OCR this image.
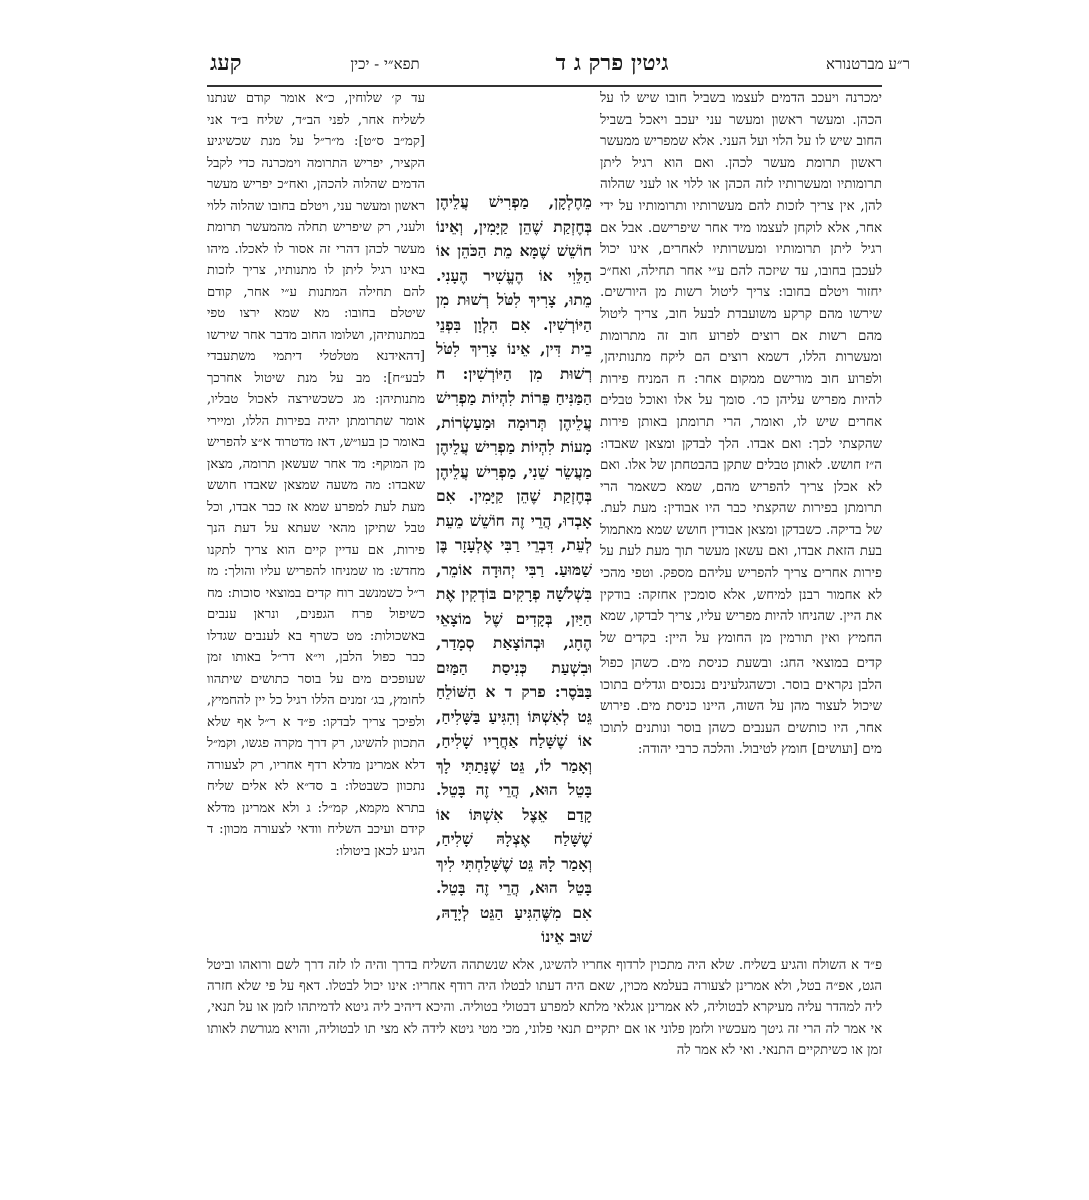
קעג	תפא״י - יכין	גיטין פרק ג ד	ר״ע מברטנורא

ימכרנה ויעכב הדמים לעצמו בשביל חובו שיש לו על הכהן. ומעשר ראשון ומעשר עני יעכב ויאכל בשביל החוב שיש לו על הלוי ועל העני. אלא שמפריש ממעשר ראשון תרומת מעשר לכהן. ואם הוא רגיל ליתן תרומותיו ומעשרותיו לזה הכהן או ללוי או לעני שהלוה להן, אין צריך לזכות להם מעשרותיו ותרומותיו על ידי אחר, אלא לוקחן לעצמו מיד אחר שיפרישם. אבל אם רגיל ליתן תרומותיו ומעשרותיו לאחרים, אינו יכול לעכבן בחובו, עד שיזכה להם ע״י אחר תחילה, ואח״כ יחזור ויטלם בחובו: צריך ליטול רשות מן היורשים. שירשו מהם קרקע משועבדת לבעל חוב, צריך ליטול מהם רשות אם רוצים לפרוע חוב זה מתרומות ומעשרות הללו, דשמא רוצים הם ליקח מתנותיהן, ולפרוע חוב מורישם ממקום אחר: ח המניח פירות להיות מפריש עליהן כו׳. סומך על אלו ואוכל טבלים אחרים שיש לו, ואומר, הרי תרומתן באותן פירות שהקצתי לכך: ואם אבדו. הלך לבדקן ומצאן שאבדו: ה״ז חושש. לאותן טבלים שתקן בהבטחתן של אלו. ואם לא אכלן צריך להפריש מהם, שמא כשאמר הרי תרומתן בפירות שהקצתי כבר היו אבודין: מעת לעת. של בדיקה. כשבדקן ומצאן אבודין חושש שמא מאתמול בעת הזאת אבדו, ואם עשאן מעשר תוך מעת לעת על פירות אחרים צריך להפריש עליהם מספק. וטפי מהכי לא אחמור רבנן למיחש, אלא סומכין אחזקה: בודקין את היין. שהניחו להיות מפריש עליו, צריך לבדקו, שמא החמיץ ואין תורמין מן החומץ על היין: בקדים של

מֵחֶלְקָן, מַפְרִישׁ עֲלֵיהֶן בְּחֶזְקַת שֶׁהֵן קַיָּמִין, וְאֵינוֹ חוֹשֵׁשׁ שֶׁמָּא מֵת הַכֹּהֵן אוֹ הַלֵּוִי אוֹ הֶעֱשִׁיר הֶעָנִי. מֵתוּ, צָרִיךְ לִטֹּל רְשׁוּת מִן הַיּוֹרְשִׁין. אִם הִלְוָן בִּפְנֵי בֵית דִּין, אֵינוֹ צָרִיךְ לִטֹּל רְשׁוּת מִן הַיּוֹרְשִׁין: ח הַמַּנִּיחַ פֵּרוֹת לִהְיוֹת מַפְרִישׁ עֲלֵיהֶן תְּרוּמָה וּמַעַשְׂרוֹת, מָעוֹת לִהְיוֹת מַפְרִישׁ עֲלֵיהֶן מַעֲשֵׂר שֵׁנִי, מַפְרִישׁ עֲלֵיהֶן בְּחֶזְקַת שֶׁהֵן קַיָּמִין. אִם אָבְדוּ, הֲרֵי זֶה חוֹשֵׁשׁ מֵעֵת לְעֵת, דִּבְרֵי רַבִּי אֶלְעָזָר בֶּן שַׁמּוּעַ. רַבִּי יְהוּדָה אוֹמֵר, בִּשְׁלֹשָׁה פְרָקִים בּוֹדְקִין אֶת הַיַּיִן, בְּקָדִים שֶׁל מוֹצָאֵי הֶחָג, וּבְהוֹצָאַת סְמָדַר, וּבִשְׁעַת כְּנִיסַת הַמַּיִם בַּבֹּסֶר: פרק ד א הַשּׁוֹלֵחַ גֵּט לְאִשְׁתּוֹ וְהִגִּיעַ בַּשָּׁלִיחַ, אוֹ שֶׁשָּׁלַח אַחֲרָיו שָׁלִיחַ, וְאָמַר לוֹ, גֵּט שֶׁנָּתַתִּי לָךְ בָּטֵל הוּא, הֲרֵי זֶה בָּטֵל. קָדַם אֵצֶל אִשְׁתּוֹ אוֹ שֶׁשָּׁלַח אֶצְלָהּ שָׁלִיחַ, וְאָמַר לָהּ גֵּט שֶׁשָּׁלַחְתִּי לִיךְ בָּטֵל הוּא, הֲרֵי זֶה בָּטֵל. אִם מִשֶּׁהִגִּיעַ הַגֵּט לְיָדָהּ, שׁוּב אֵינוֹ

עד ק׳ שלוחין, כ״א אומר קודם שנתנו לשליח אחר, לפני הב״ד, שליח ב״ד אני [קמ״ב ס״ט]: מ״ר״ל על מנת שכשיגיע הקציר, יפריש התרומה וימכרנה כדי לקבל הדמים שהלוה להכהן, ואח״כ יפריש מעשר ראשון ומעשר עני, ויטלם בחובו שהלוה ללוי ולעני, רק שיפריש תחלה מהמעשר תרומת מעשר לכהן דהרי זה אסור לו לאכלו. מיהו באינו רגיל ליתן לו מתנותיו, צריך לזכות להם תחילה המתנות ע״י אחר, קודם שיטלם בחובו: מא שמא ירצו טפי במתנותיהן, ושלומו החוב מדבר אחר שירשו [דהאידנא מטלטלי דיתמי משתעבדי לבע״ח]: מב על מנת שיטול אחרכך מתנותיהן: מג כשכשירצה לאכול טבליו, אומר שתרומתן יהיה בפירות הללו, ומיירי באומר כן בעו״ש, דאז מדטרוד א״צ להפריש מן המוקף: מד אחר שעשאן תרומה, מצאן שאבדו: מה משעה שמצאן שאבדו חושש מעת לעת למפרע שמא אז כבר אבדו, וכל טבל שתיקן מהאי שעתא על דעת הנך פירות, אם עדיין קיים הוא צריך לתקנו מחדש: מו שמניחו להפריש עליו והולך: מז ר״ל כשמנשב רוח קדים במוצאי סוכות: מח כשיפול פרח הגפנים, ונראן ענבים באשכולות: מט כשרף בא לענבים שגדלו כבר כפול הלבן, וי״א דר״ל באותו זמן שעופכים מים על בוסר כתושים שיתהוו לחומץ, בג׳ זמנים הללו רגיל כל יין להחמיץ, ולפיכך צריך לבדקו: פ״ד א ר״ל אף שלא התכוון להשיגו, רק דרך מקרה פגשו, וקמ״ל דלא אמרינן מדלא רדף אחריו, רק לצעורה נתכוון כשבטלו: ב סד״א לא אלים שליח בתרא מקמא, קמ״ל: ג ולא אמרינן מדלא קידם ועיכב השליח וודאי לצעורה מכוון: ד הגיע לכאן ביטולו:

קדים במוצאי החג: ובשעת כניסת מים. כשהן כפול הלבן נקראים בוסר. וכשהגלעינים נכנסים וגדלים בתוכו שיכול לעצור מהן על השוה, היינו כניסת מים. פירוש אחר, היו כותשים הענבים כשהן בוסר ונותנים לתוכו מים [ועושים] חומץ לטיבול. והלכה כרבי יהודה:

פ״ד א השולח והגיע בשליח. שלא היה מתכוין לרדוף אחריו להשיגו, אלא שנשתהה השליח בדרך והיה לו לזה דרך לשם ורואהו וביטל הגט, אפ״ה בטל, ולא אמרינן לצעורה בעלמא מכוין, שאם היה דעתו לבטלו היה רודף אחריו: אינו יכול לבטלו. דאף על פי שלא חזרה ליה למהדר עליה מעיקרא לבטוליה, לא אמרינן אגלאי מלתא למפרע דבטולי בטוליה. והיכא דיהיב ליה גיטא לדמיתהו לזמן או על תנאי, אי אמר לה הרי זה גיטך מעכשיו ולזמן פלוני או אם יתקיים תנאי פלוני, מכי מטי גיטא לידה לא מצי תו לבטוליה, והויא מגורשת לאותו זמן או כשיתקיים התנאי. ואי לא אמר לה
